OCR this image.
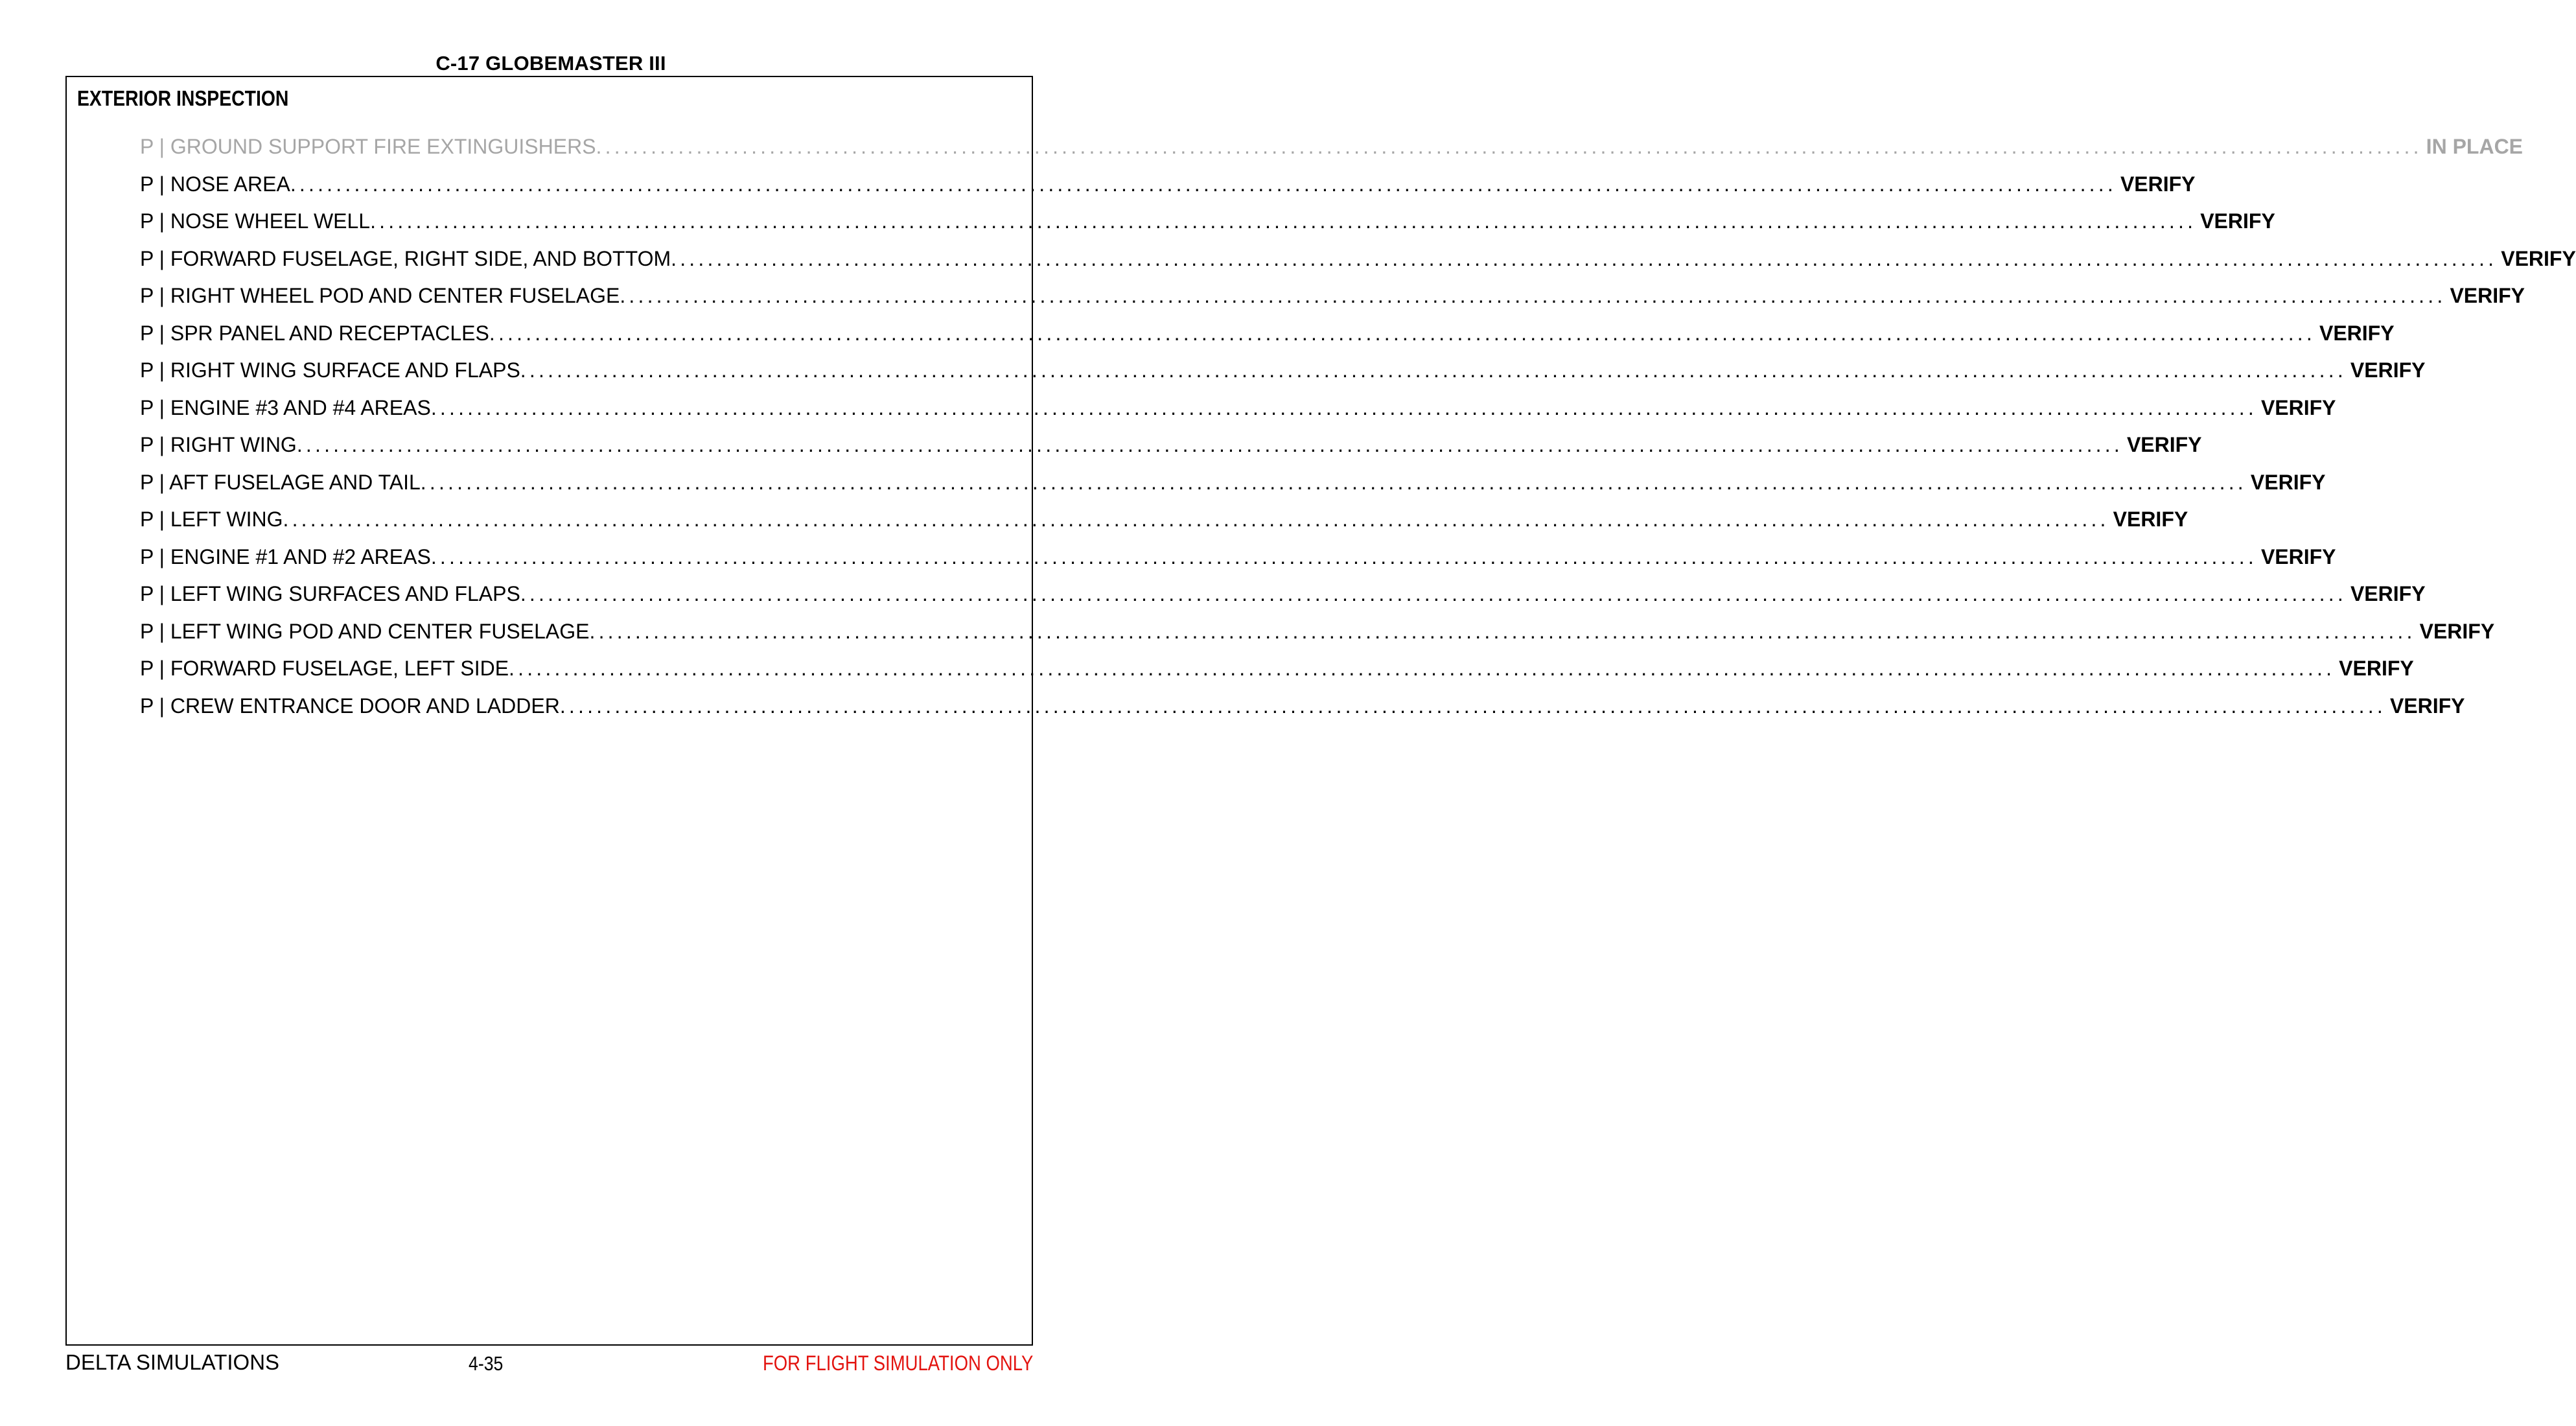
C-17 GLOBEMASTER III
EXTERIOR INSPECTION
P | GROUND SUPPORT FIRE EXTINGUISHERS ........................................................................................................................................................................................................ IN PLACE
P | NOSE AREA ........................................................................................................................................................................................................ VERIFY
P | NOSE WHEEL WELL ........................................................................................................................................................................................................ VERIFY
P | FORWARD FUSELAGE, RIGHT SIDE, AND BOTTOM ........................................................................................................................................................................................................ VERIFY
P | RIGHT WHEEL POD AND CENTER FUSELAGE ........................................................................................................................................................................................................ VERIFY
P | SPR PANEL AND RECEPTACLES ........................................................................................................................................................................................................ VERIFY
P | RIGHT WING SURFACE AND FLAPS ........................................................................................................................................................................................................ VERIFY
P | ENGINE #3 AND #4 AREAS ........................................................................................................................................................................................................ VERIFY
P | RIGHT WING ........................................................................................................................................................................................................ VERIFY
P | AFT FUSELAGE AND TAIL ........................................................................................................................................................................................................ VERIFY
P | LEFT WING ........................................................................................................................................................................................................ VERIFY
P | ENGINE #1 AND #2 AREAS ........................................................................................................................................................................................................ VERIFY
P | LEFT WING SURFACES AND FLAPS ........................................................................................................................................................................................................ VERIFY
P | LEFT WING POD AND CENTER FUSELAGE ........................................................................................................................................................................................................ VERIFY
P | FORWARD FUSELAGE, LEFT SIDE ........................................................................................................................................................................................................ VERIFY
P | CREW ENTRANCE DOOR AND LADDER ........................................................................................................................................................................................................ VERIFY
DELTA SIMULATIONS	4-35	FOR FLIGHT SIMULATION ONLY
